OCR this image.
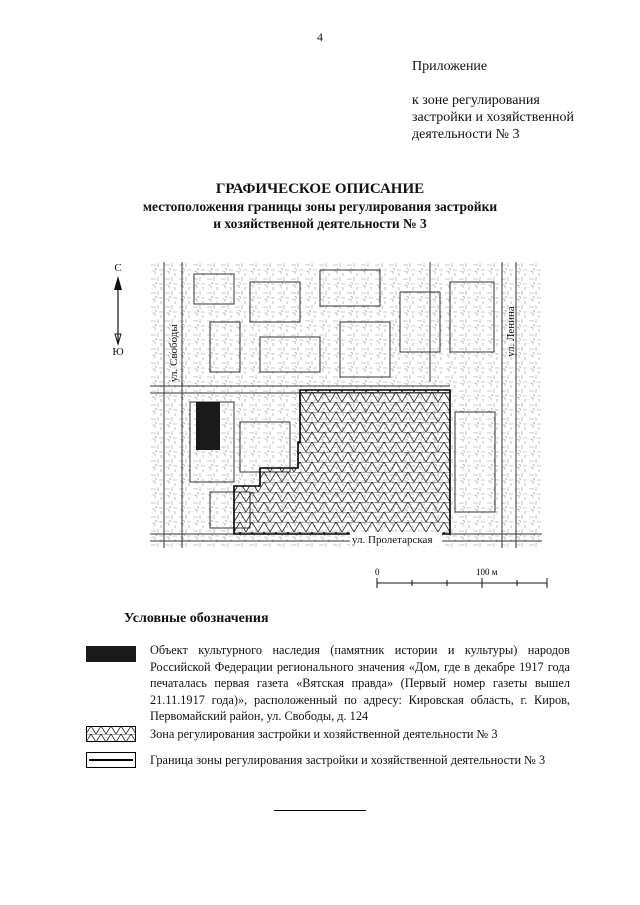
4
Приложение
к зоне регулирования
застройки и хозяйственной
деятельности № 3
ГРАФИЧЕСКОЕ ОПИСАНИЕ
местоположения границы зоны регулирования застройки
и хозяйственной деятельности № 3
С
Ю	ул. Свободы	ул. Ленина
ул. Пролетарская
0	100 м
Условные обозначения
Объект культурного наследия (памятник истории и культуры) народов Российской Федерации регионального значения «Дом, где в декабре 1917 года печаталась первая газета «Вятская правда» (Первый номер газеты вышел 21.11.1917 года)», расположенный по адресу: Кировская область, г. Киров, Первомайский район, ул. Свободы, д. 124
Зона регулирования застройки и хозяйственной деятельности № 3
Граница зоны регулирования застройки и хозяйственной деятельности № 3
